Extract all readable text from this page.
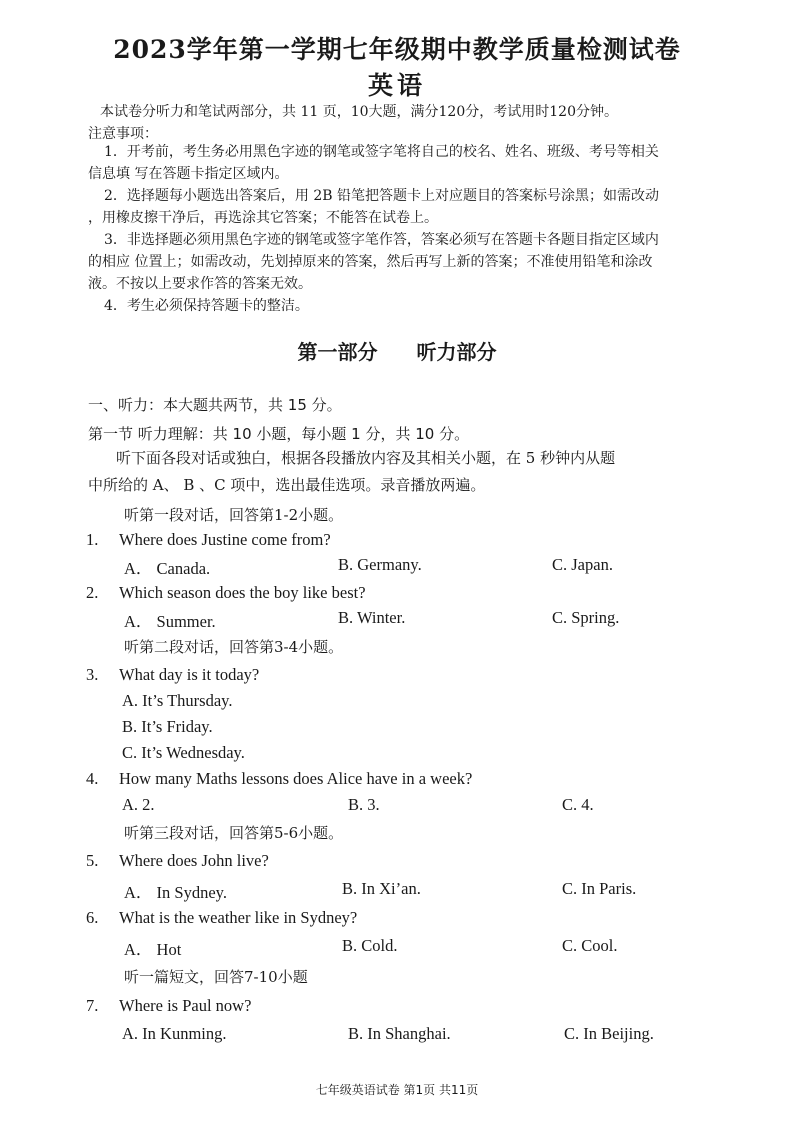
2023学年第一学期七年级期中教学质量检测试卷
英语
本试卷分听力和笔试两部分，共 11 页，10大题，满分120分，考试用时120分钟。
注意事项：
1．开考前，考生务必用黑色字迹的钢笔或签字笔将自己的校名、姓名、班级、考号等相关
信息填 写在答题卡指定区域内。
2．选择题每小题选出答案后，用 2B 铅笔把答题卡上对应题目的答案标号涂黑；如需改动
，用橡皮擦干净后，再选涂其它答案；不能答在试卷上。
3．非选择题必须用黑色字迹的钢笔或签字笔作答，答案必须写在答题卡各题目指定区域内
的相应 位置上；如需改动，先划掉原来的答案，然后再写上新的答案；不准使用铅笔和涂改
液。不按以上要求作答的答案无效。
4．考生必须保持答题卡的整洁。
第一部分 听力部分
一、听力：本大题共两节，共 15 分。
第一节 听力理解：共 10 小题，每小题 1 分，共 10 分。
听下面各段对话或独白，根据各段播放内容及其相关小题，在 5 秒钟内从题
中所给的 A、 B 、C 项中，选出最佳选项。录音播放两遍。
听第一段对话，回答第1-2小题。
1. Where does Justine come from?
A． Canada.	B. Germany.	C. Japan.
2. Which season does the boy like best?
A． Summer.	B. Winter.	C. Spring.
听第二段对话，回答第3-4小题。
3. What day is it today?
A. It’s Thursday.
B. It’s Friday.
C. It’s Wednesday.
4. How many Maths lessons does Alice have in a week?
A. 2.	B. 3.	C. 4.
听第三段对话，回答第5-6小题。
5. Where does John live?
A． In Sydney.	B. In Xi’an.	C. In Paris.
6. What is the weather like in Sydney?
A． Hot	B. Cold.	C. Cool.
听一篇短文，回答7-10小题
7. Where is Paul now?
A. In Kunming.	B. In Shanghai.	C. In Beijing.
七年级英语试卷 第1页 共11页
